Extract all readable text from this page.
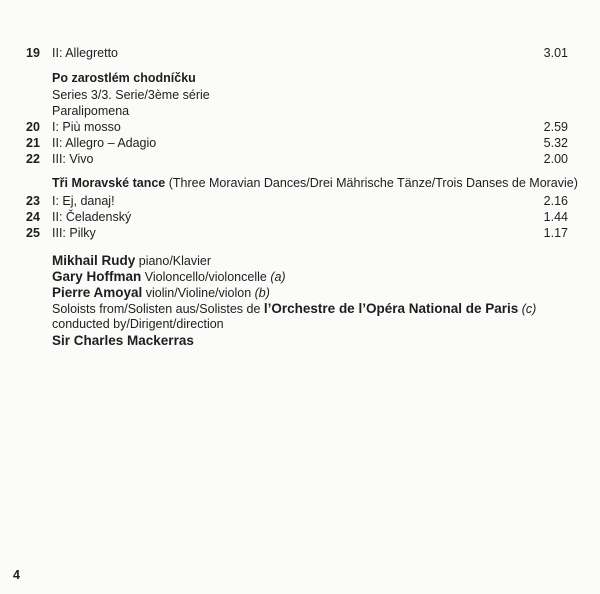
19 II: Allegretto	3.01
Po zarostlém chodníčku
Series 3/3. Serie/3ème série
Paralipomena
20 I: Più mosso	2.59
21 II: Allegro – Adagio	5.32
22 III: Vivo	2.00
Tři Moravské tance (Three Moravian Dances/Drei Mährische Tänze/Trois Danses de Moravie)
23 I: Ej, danaj!	2.16
24 II: Čeladenský	1.44
25 III: Pilky	1.17
Mikhail Rudy piano/Klavier
Gary Hoffman Violoncello/violoncelle (a)
Pierre Amoyal violin/Violine/violon (b)
Soloists from/Solisten aus/Solistes de l’Orchestre de l’Opéra National de Paris (c)
conducted by/Dirigent/direction
Sir Charles Mackerras
4
